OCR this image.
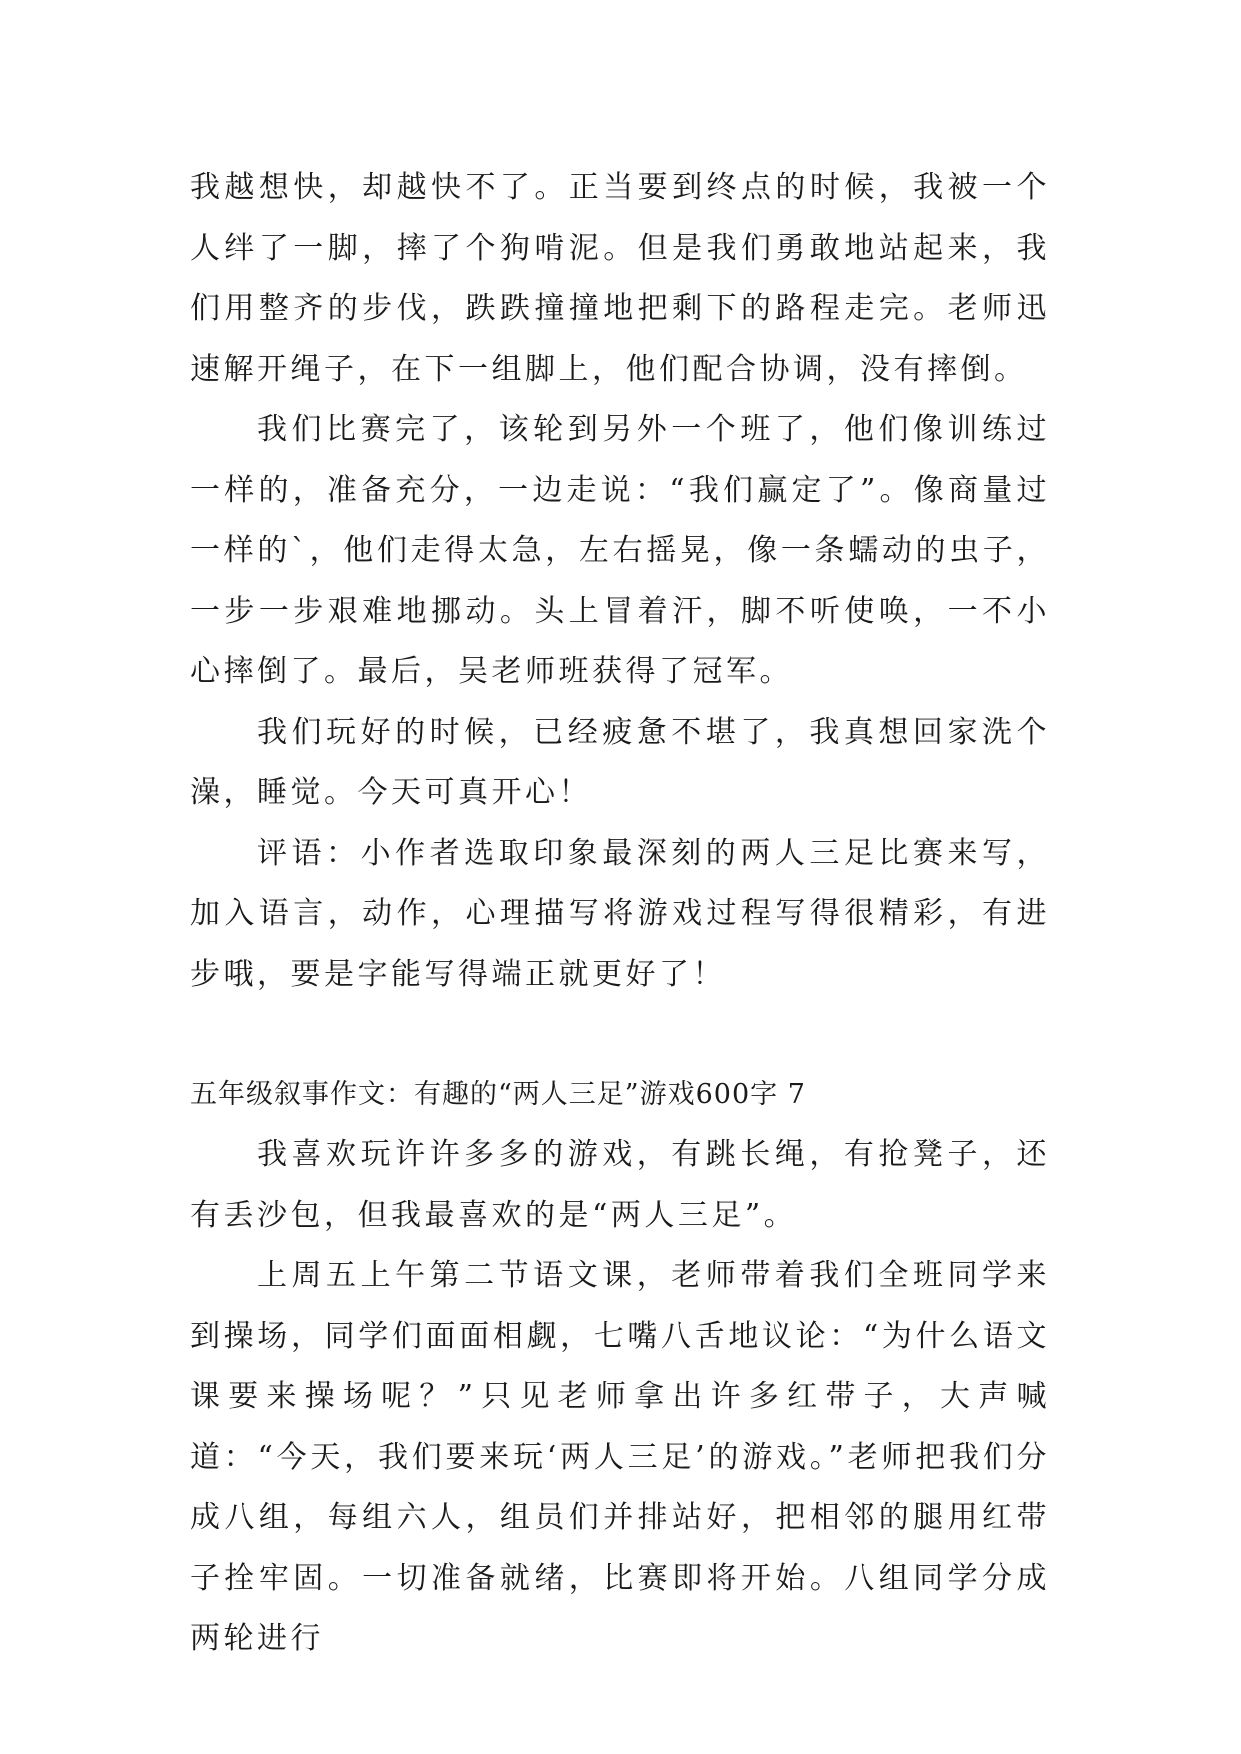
我越想快，却越快不了。正当要到终点的时候，我被一个人绊了一脚，摔了个狗啃泥。但是我们勇敢地站起来，我们用整齐的步伐，跌跌撞撞地把剩下的路程走完。老师迅速解开绳子，在下一组脚上，他们配合协调，没有摔倒。

我们比赛完了，该轮到另外一个班了，他们像训练过一样的，准备充分，一边走说：“我们赢定了”。像商量过一样的`，他们走得太急，左右摇晃，像一条蠕动的虫子，一步一步艰难地挪动。头上冒着汗，脚不听使唤，一不小心摔倒了。最后，吴老师班获得了冠军。

我们玩好的时候，已经疲惫不堪了，我真想回家洗个澡，睡觉。今天可真开心！

评语：小作者选取印象最深刻的两人三足比赛来写，加入语言，动作，心理描写将游戏过程写得很精彩，有进步哦，要是字能写得端正就更好了！

五年级叙事作文：有趣的“两人三足”游戏600字 7

我喜欢玩许许多多的游戏，有跳长绳，有抢凳子，还有丢沙包，但我最喜欢的是“两人三足”。

上周五上午第二节语文课，老师带着我们全班同学来到操场，同学们面面相觑，七嘴八舌地议论：“为什么语文课要来操场呢？”只见老师拿出许多红带子，大声喊道：“今天，我们要来玩‘两人三足’的游戏。”老师把我们分成八组，每组六人，组员们并排站好，把相邻的腿用红带子拴牢固。一切准备就绪，比赛即将开始。八组同学分成两轮进行
